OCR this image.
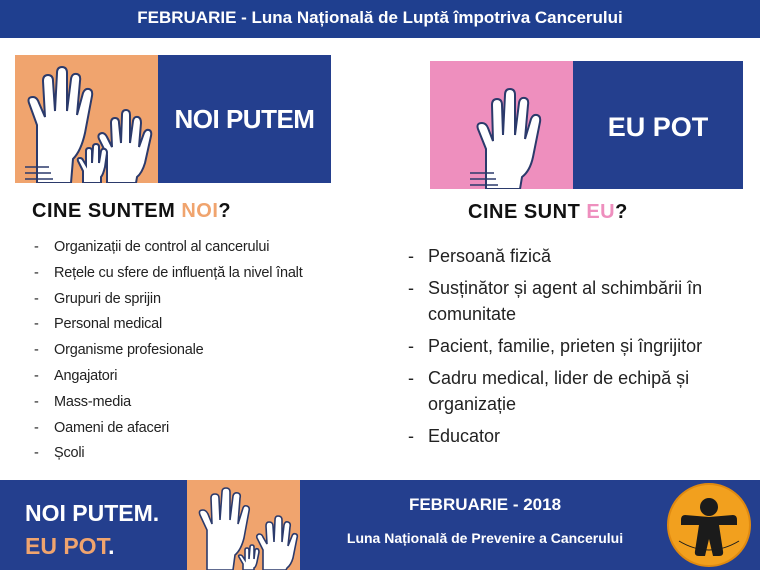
FEBRUARIE - Luna Națională de Luptă împotriva Cancerului
NOI PUTEM	EU POT
CINE SUNTEM NOI?	CINE SUNT EU?
-	Organizații de control al cancerului
-	Rețele cu sfere de influență la nivel înalt
-	Grupuri de sprijin
-	Personal medical
-	Organisme profesionale
-	Angajatori
-	Mass-media
-	Oameni de afaceri
-	Școli
- Persoană fizică
- Susținător și agent al schimbării în comunitate
- Pacient, familie, prieten și îngrijitor
- Cadru medical, lider de echipă și organizație
- Educator
NOI PUTEM.
EU POT.
FEBRUARIE - 2018
Luna Națională de Prevenire a Cancerului
